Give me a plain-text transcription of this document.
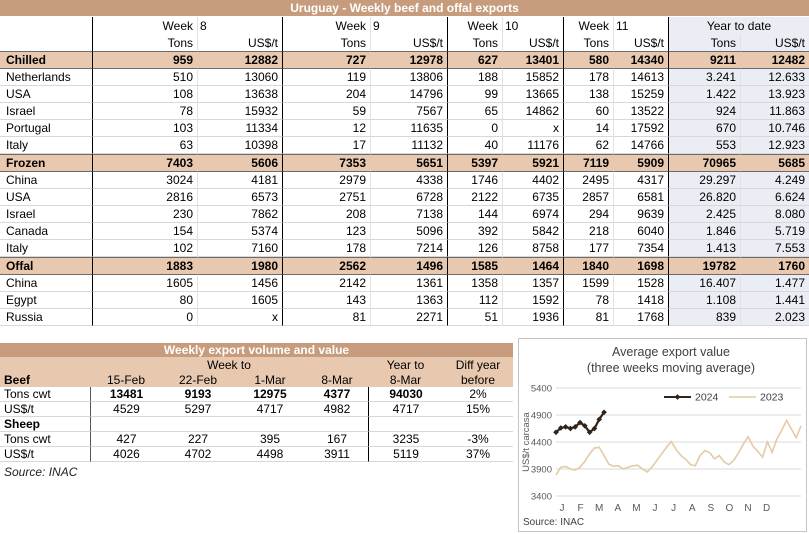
Uruguay - Weekly beef and offal exports
	Week	8	Week	9	Week	10	Week	11	Year to date	
	Tons	US$/t	Tons	US$/t	Tons	US$/t	Tons	US$/t	Tons	US$/t
Chilled	959	12882	727	12978	627	13401	580	14340	9211	12482
Netherlands	510	13060	119	13806	188	15852	178	14613	3.241	12.633
USA	108	13638	204	14796	99	13665	138	15259	1.422	13.923
Israel	78	15932	59	7567	65	14862	60	13522	924	11.863
Portugal	103	11334	12	11635	0	x	14	17592	670	10.746
Italy	63	10398	17	11132	40	11176	62	14766	553	12.923
Frozen	7403	5606	7353	5651	5397	5921	7119	5909	70965	5685
China	3024	4181	2979	4338	1746	4402	2495	4317	29.297	4.249
USA	2816	6573	2751	6728	2122	6735	2857	6581	26.820	6.624
Israel	230	7862	208	7138	144	6974	294	9639	2.425	8.080
Canada	154	5374	123	5096	392	5842	218	6040	1.846	5.719
Italy	102	7160	178	7214	126	8758	177	7354	1.413	7.553
Offal	1883	1980	2562	1496	1585	1464	1840	1698	19782	1760
China	1605	1456	2142	1361	1358	1357	1599	1528	16.407	1.477
Egypt	80	1605	143	1363	112	1592	78	1418	1.108	1.441
Russia	0	x	81	2271	51	1936	81	1768	839	2.023
Weekly export volume and value
	Week to				Year to	Diff year
Beef	15-Feb	22-Feb	1-Mar	8-Mar	8-Mar	before
Tons cwt	13481	9193	12975	4377	94030	2%
US$/t	4529	5297	4717	4982	4717	15%
Sheep						
Tons cwt	427	227	395	167	3235	-3%
US$/t	4026	4702	4498	3911	5119	37%
Source: INAC
3400
3900
4400
4900
5400
J F M A M J J A S O N D
US$/t carcasa
Average export value
(three weeks moving average)
2024	2023
Source: INAC
